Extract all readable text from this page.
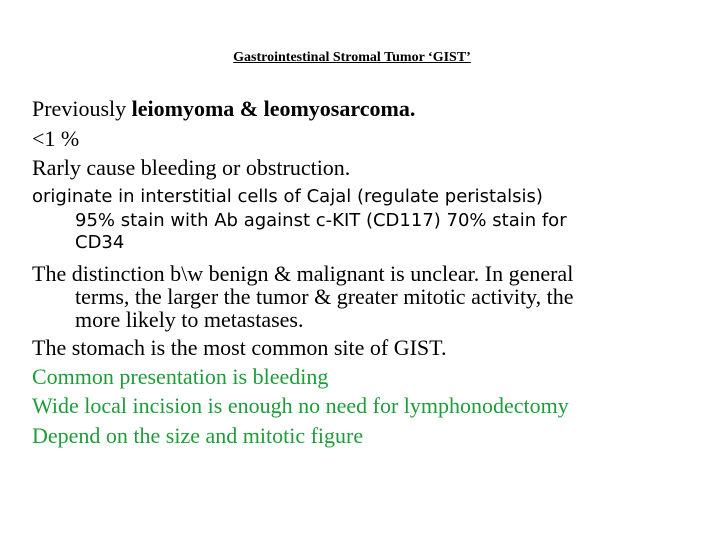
Gastrointestinal Stromal Tumor ‘GIST’
Previously leiomyoma & leomyosarcoma.
<1 %
Rarly cause bleeding or obstruction.
originate in interstitial cells of Cajal (regulate peristalsis)
95% stain with Ab against c-KIT (CD117) 70% stain for
CD34
The distinction b\w benign & malignant is unclear. In general
terms, the larger the tumor & greater mitotic activity, the
more likely to metastases.
The stomach is the most common site of GIST.
Common presentation is bleeding
Wide local incision is enough no need for lymphonodectomy
Depend on the size and mitotic figure
